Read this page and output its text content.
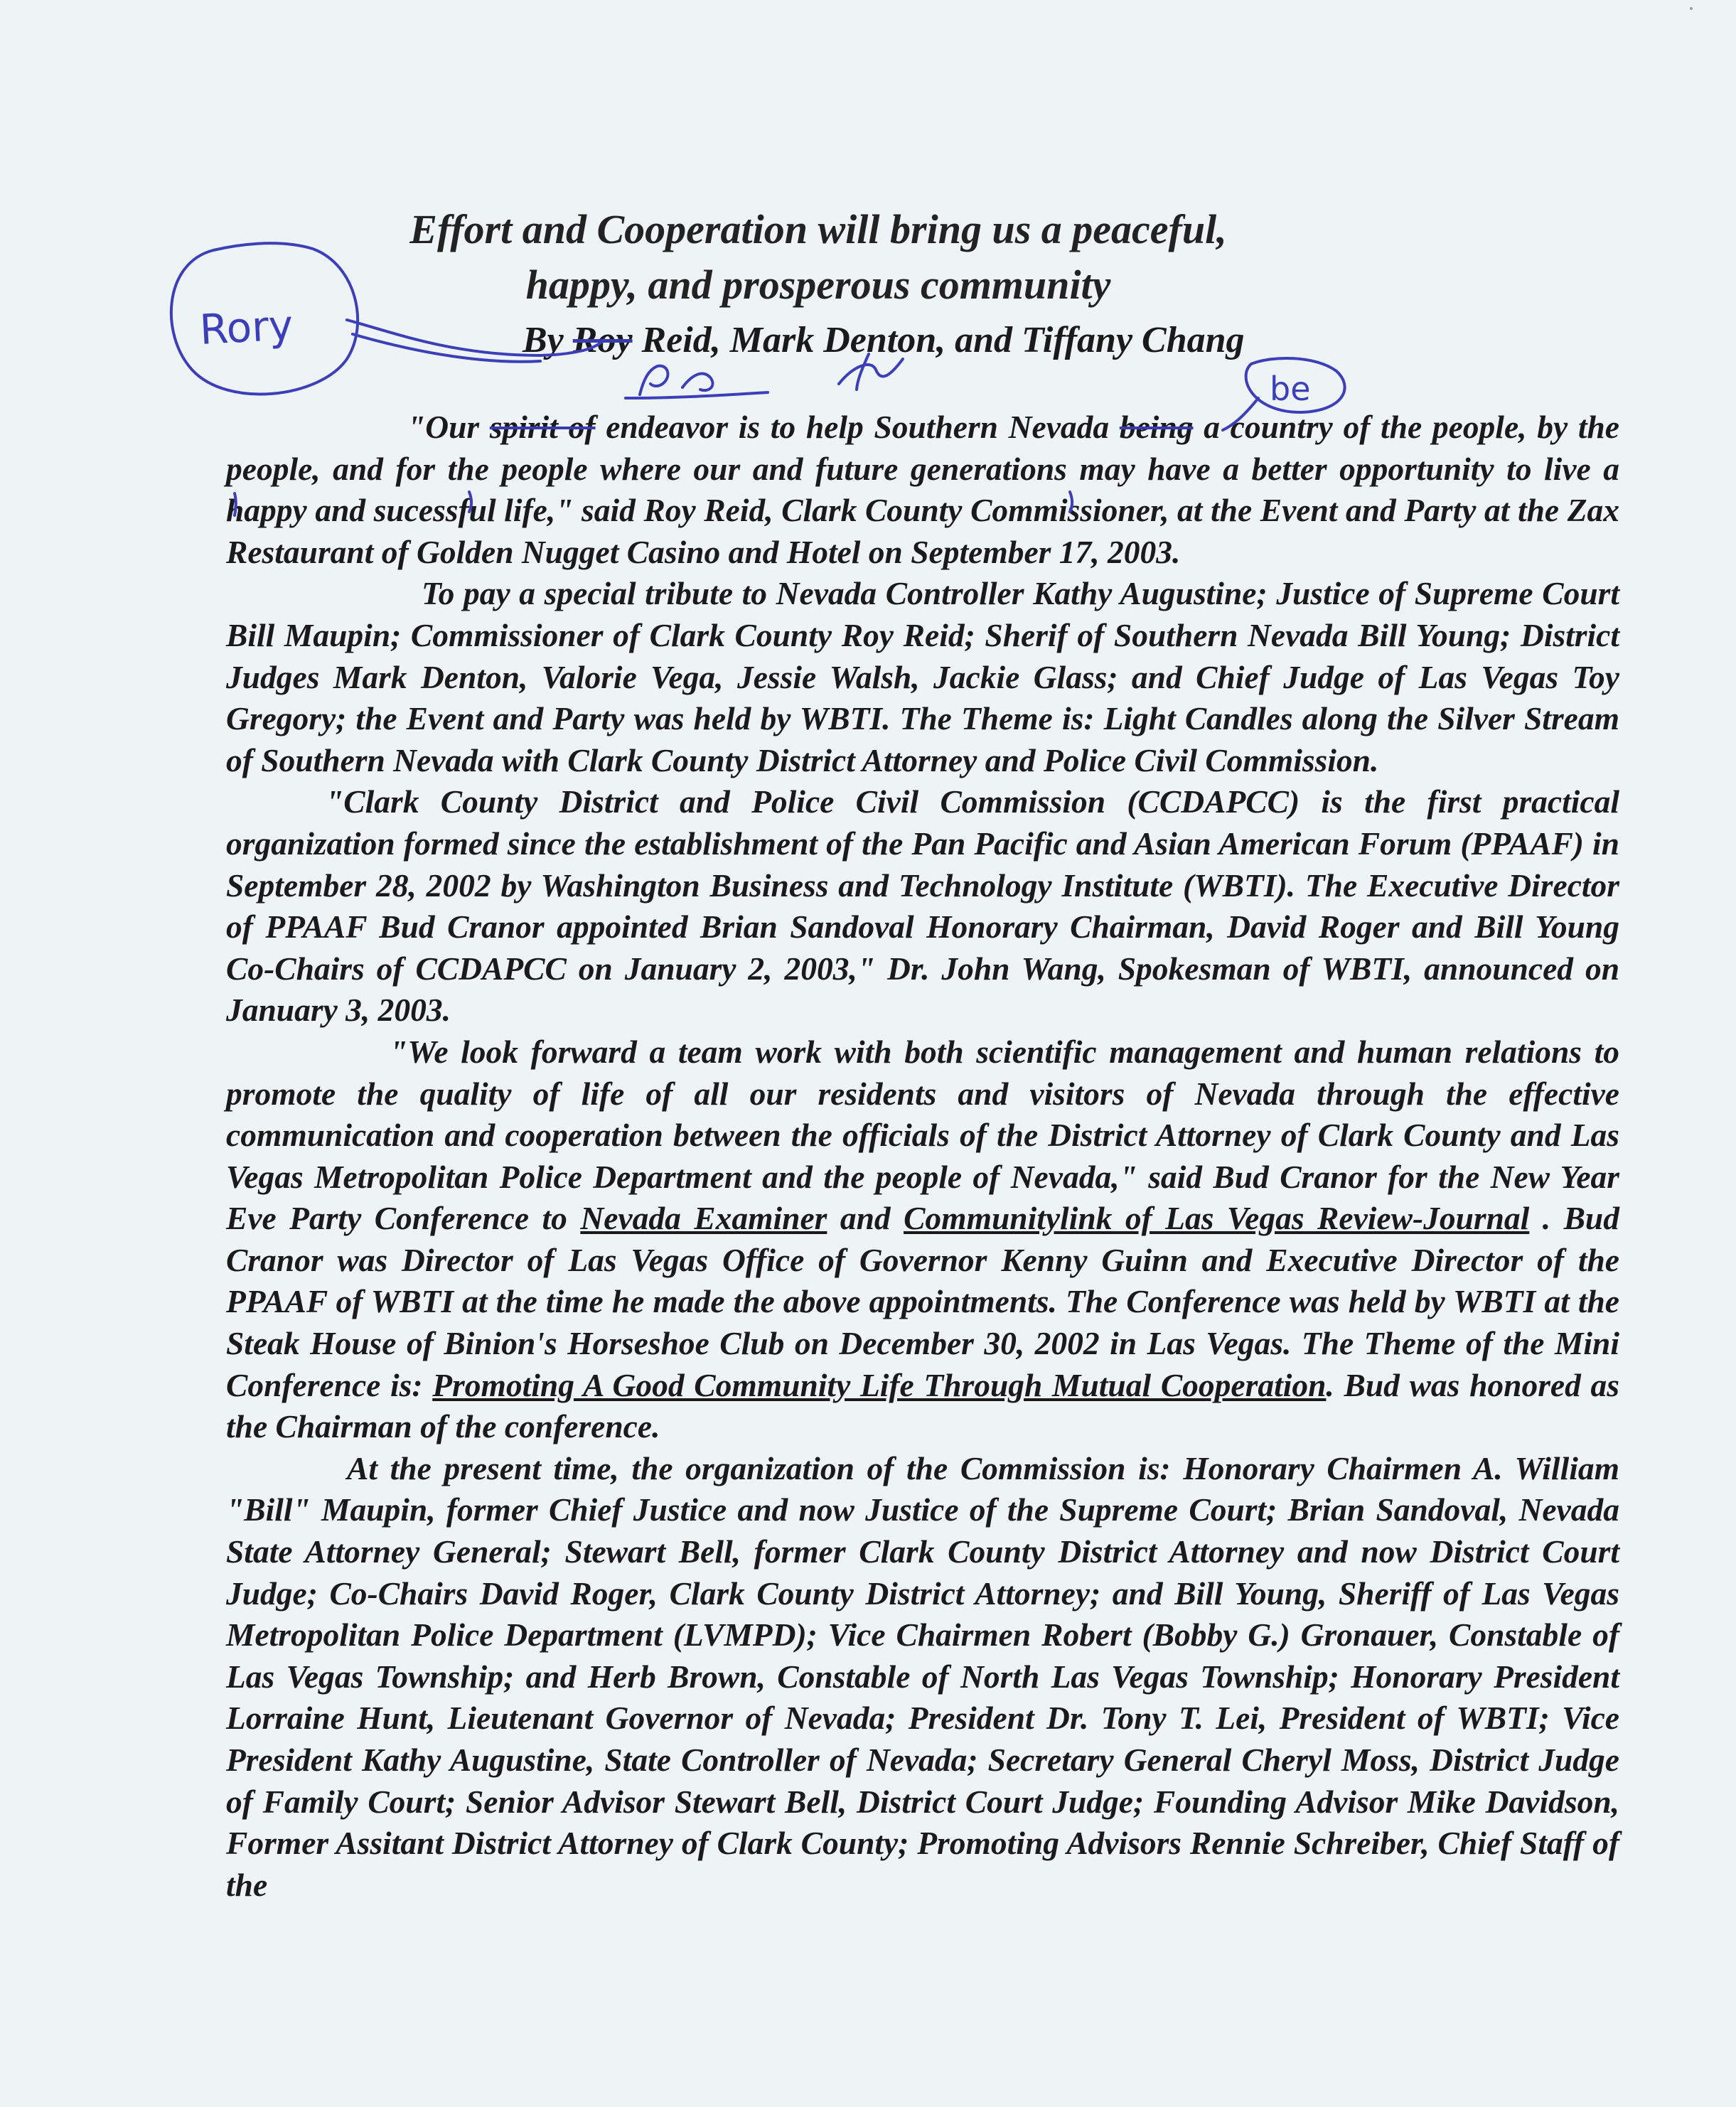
Effort and Cooperation will bring us a peaceful,
happy, and prosperous community
By Roy Reid, Mark Denton, and Tiffany Chang

"Our spirit of endeavor is to help Southern Nevada being a country of the people, by the people, and for the people where our and future generations may have a better opportunity to live a happy and sucessful life," said Roy Reid, Clark County Commissioner, at the Event and Party at the Zax Restaurant of Golden Nugget Casino and Hotel on September 17, 2003.

To pay a special tribute to Nevada Controller Kathy Augustine; Justice of Supreme Court Bill Maupin; Commissioner of Clark County Roy Reid; Sherif of Southern Nevada Bill Young; District Judges Mark Denton, Valorie Vega, Jessie Walsh, Jackie Glass; and Chief Judge of Las Vegas Toy Gregory; the Event and Party was held by WBTI. The Theme is: Light Candles along the Silver Stream of Southern Nevada with Clark County District Attorney and Police Civil Commission.

"Clark County District and Police Civil Commission (CCDAPCC) is the first practical organization formed since the establishment of the Pan Pacific and Asian American Forum (PPAAF) in September 28, 2002 by Washington Business and Technology Institute (WBTI). The Executive Director of PPAAF Bud Cranor appointed Brian Sandoval Honorary Chairman, David Roger and Bill Young Co-Chairs of CCDAPCC on January 2, 2003," Dr. John Wang, Spokesman of WBTI, announced on January 3, 2003.

"We look forward a team work with both scientific management and human relations to promote the quality of life of all our residents and visitors of Nevada through the effective communication and cooperation between the officials of the District Attorney of Clark County and Las Vegas Metropolitan Police Department and the people of Nevada," said Bud Cranor for the New Year Eve Party Conference to Nevada Examiner and Communitylink of Las Vegas Review-Journal . Bud Cranor was Director of Las Vegas Office of Governor Kenny Guinn and Executive Director of the PPAAF of WBTI at the time he made the above appointments. The Conference was held by WBTI at the Steak House of Binion's Horseshoe Club on December 30, 2002 in Las Vegas. The Theme of the Mini Conference is: Promoting A Good Community Life Through Mutual Cooperation. Bud was honored as the Chairman of the conference.

At the present time, the organization of the Commission is: Honorary Chairmen A. William "Bill" Maupin, former Chief Justice and now Justice of the Supreme Court; Brian Sandoval, Nevada State Attorney General; Stewart Bell, former Clark County District Attorney and now District Court Judge; Co-Chairs David Roger, Clark County District Attorney; and Bill Young, Sheriff of Las Vegas Metropolitan Police Department (LVMPD); Vice Chairmen Robert (Bobby G.) Gronauer, Constable of Las Vegas Township; and Herb Brown, Constable of North Las Vegas Township; Honorary President Lorraine Hunt, Lieutenant Governor of Nevada; President Dr. Tony T. Lei, President of WBTI; Vice President Kathy Augustine, State Controller of Nevada; Secretary General Cheryl Moss, District Judge of Family Court; Senior Advisor Stewart Bell, District Court Judge; Founding Advisor Mike Davidson, Former Assitant District Attorney of Clark County; Promoting Advisors Rennie Schreiber, Chief Staff of the

Rory
be
